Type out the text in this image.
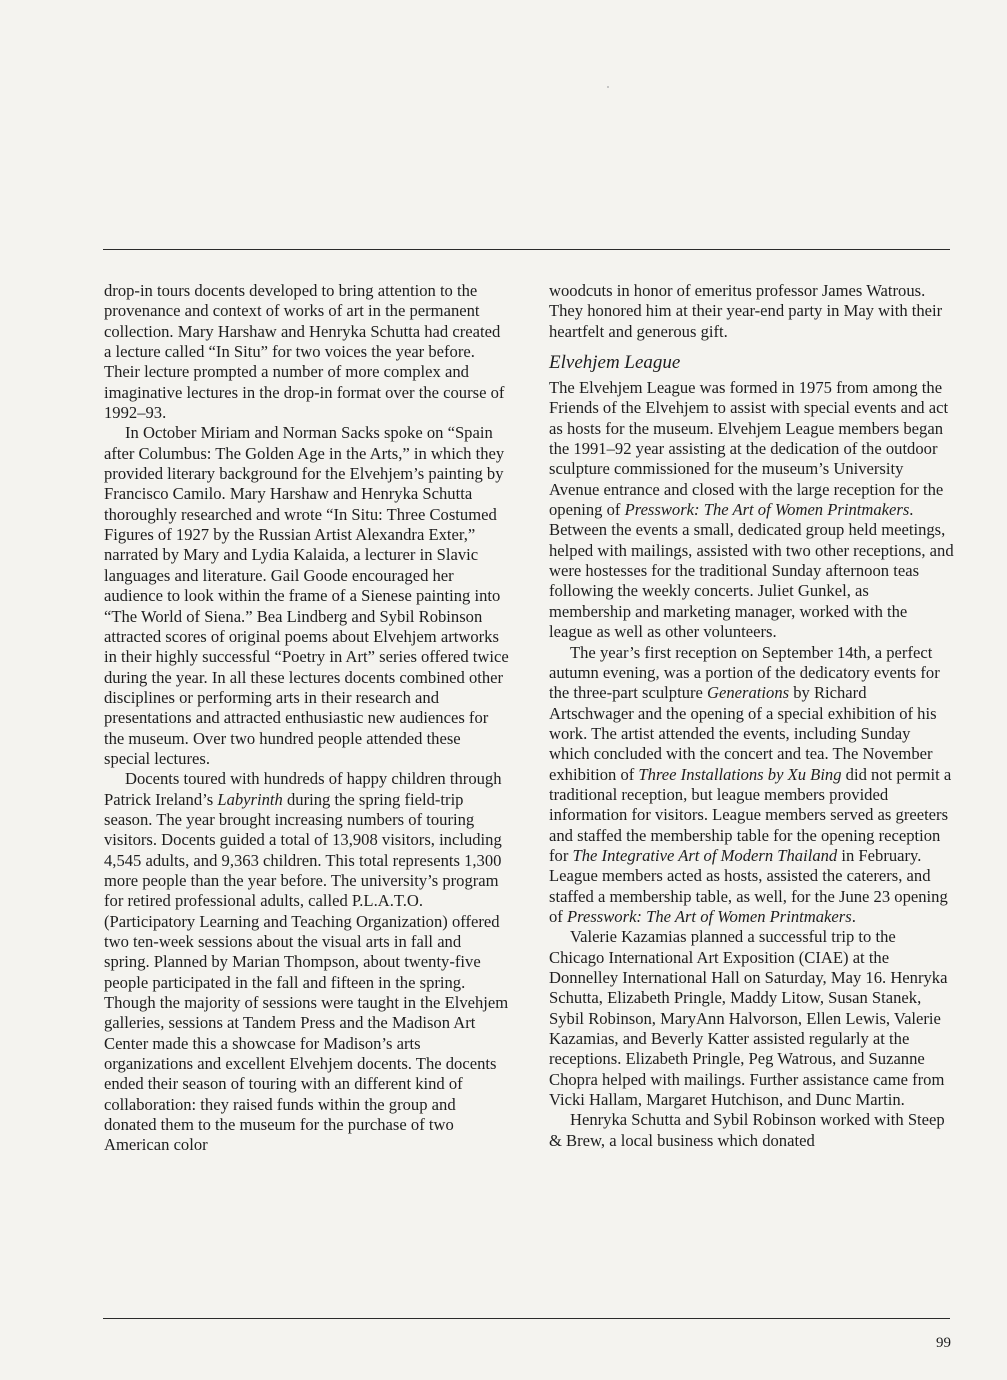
drop-in tours docents developed to bring attention to the provenance and context of works of art in the permanent collection. Mary Harshaw and Henryka Schutta had created a lecture called “In Situ” for two voices the year before. Their lecture prompted a number of more complex and imaginative lectures in the drop-in format over the course of 1992–93.

In October Miriam and Norman Sacks spoke on “Spain after Columbus: The Golden Age in the Arts,” in which they provided literary background for the Elvehjem’s painting by Francisco Camilo. Mary Harshaw and Henryka Schutta thoroughly researched and wrote “In Situ: Three Costumed Figures of 1927 by the Russian Artist Alexandra Exter,” narrated by Mary and Lydia Kalaida, a lecturer in Slavic languages and literature. Gail Goode encouraged her audience to look within the frame of a Sienese painting into “The World of Siena.” Bea Lindberg and Sybil Robinson attracted scores of original poems about Elvehjem artworks in their highly successful “Poetry in Art” series offered twice during the year. In all these lectures docents combined other disciplines or performing arts in their research and presentations and attracted enthusiastic new audiences for the museum. Over two hundred people attended these special lectures.

Docents toured with hundreds of happy children through Patrick Ireland’s Labyrinth during the spring field-trip season. The year brought increasing numbers of touring visitors. Docents guided a total of 13,908 visitors, including 4,545 adults, and 9,363 children. This total represents 1,300 more people than the year before. The university’s program for retired professional adults, called P.L.A.T.O. (Participatory Learning and Teaching Organization) offered two ten-week sessions about the visual arts in fall and spring. Planned by Marian Thompson, about twenty-five people participated in the fall and fifteen in the spring. Though the majority of sessions were taught in the Elvehjem galleries, sessions at Tandem Press and the Madison Art Center made this a showcase for Madison’s arts organizations and excellent Elvehjem docents. The docents ended their season of touring with an different kind of collaboration: they raised funds within the group and donated them to the museum for the purchase of two American color

woodcuts in honor of emeritus professor James Watrous. They honored him at their year-end party in May with their heartfelt and generous gift.

Elvehjem League

The Elvehjem League was formed in 1975 from among the Friends of the Elvehjem to assist with special events and act as hosts for the museum. Elvehjem League members began the 1991–92 year assisting at the dedication of the outdoor sculpture commissioned for the museum’s University Avenue entrance and closed with the large reception for the opening of Presswork: The Art of Women Printmakers. Between the events a small, dedicated group held meetings, helped with mailings, assisted with two other receptions, and were hostesses for the traditional Sunday afternoon teas following the weekly concerts. Juliet Gunkel, as membership and marketing manager, worked with the league as well as other volunteers.

The year’s first reception on September 14th, a perfect autumn evening, was a portion of the dedicatory events for the three-part sculpture Generations by Richard Artschwager and the opening of a special exhibition of his work. The artist attended the events, including Sunday which concluded with the concert and tea. The November exhibition of Three Installations by Xu Bing did not permit a traditional reception, but league members provided information for visitors. League members served as greeters and staffed the membership table for the opening reception for The Integrative Art of Modern Thailand in February. League members acted as hosts, assisted the caterers, and staffed a membership table, as well, for the June 23 opening of Presswork: The Art of Women Printmakers.

Valerie Kazamias planned a successful trip to the Chicago International Art Exposition (CIAE) at the Donnelley International Hall on Saturday, May 16. Henryka Schutta, Elizabeth Pringle, Maddy Litow, Susan Stanek, Sybil Robinson, MaryAnn Halvorson, Ellen Lewis, Valerie Kazamias, and Beverly Katter assisted regularly at the receptions. Elizabeth Pringle, Peg Watrous, and Suzanne Chopra helped with mailings. Further assistance came from Vicki Hallam, Margaret Hutchison, and Dunc Martin.

Henryka Schutta and Sybil Robinson worked with Steep & Brew, a local business which donated

99
